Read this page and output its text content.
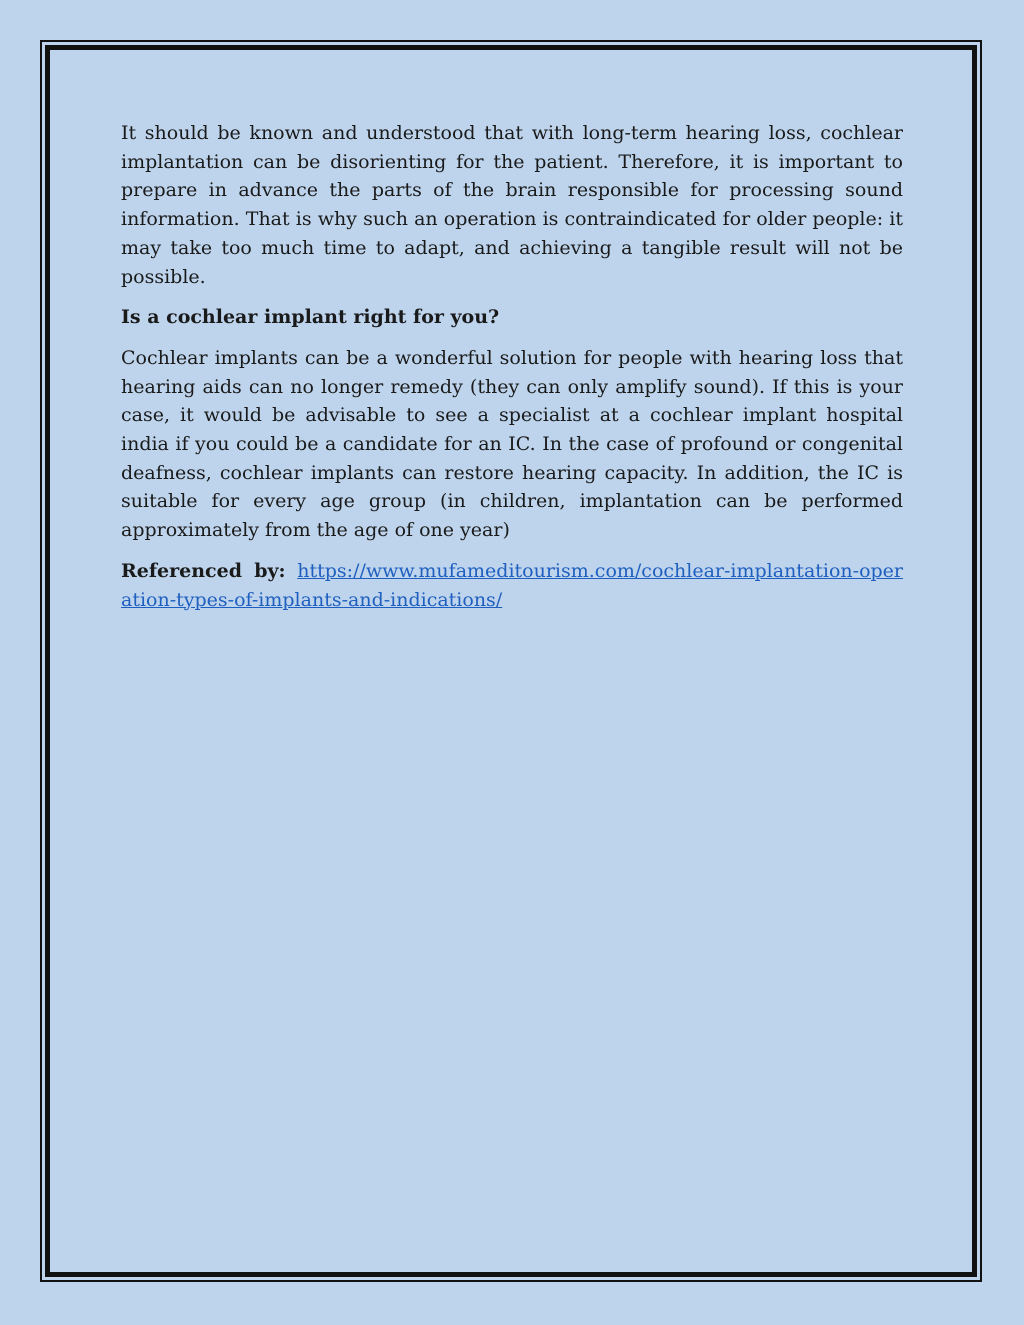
It should be known and understood that with long-term hearing loss, cochlear implantation can be disorienting for the patient. Therefore, it is important to prepare in advance the parts of the brain responsible for processing sound information. That is why such an operation is contraindicated for older people: it may take too much time to adapt, and achieving a tangible result will not be possible.

Is a cochlear implant right for you?

Cochlear implants can be a wonderful solution for people with hearing loss that hearing aids can no longer remedy (they can only amplify sound). If this is your case, it would be advisable to see a specialist at a cochlear implant hospital india if you could be a candidate for an IC. In the case of profound or congenital deafness, cochlear implants can restore hearing capacity. In addition, the IC is suitable for every age group (in children, implantation can be performed approximately from the age of one year)

Referenced by: https://www.mufameditourism.com/cochlear-implantation-operation-types-of-implants-and-indications/
